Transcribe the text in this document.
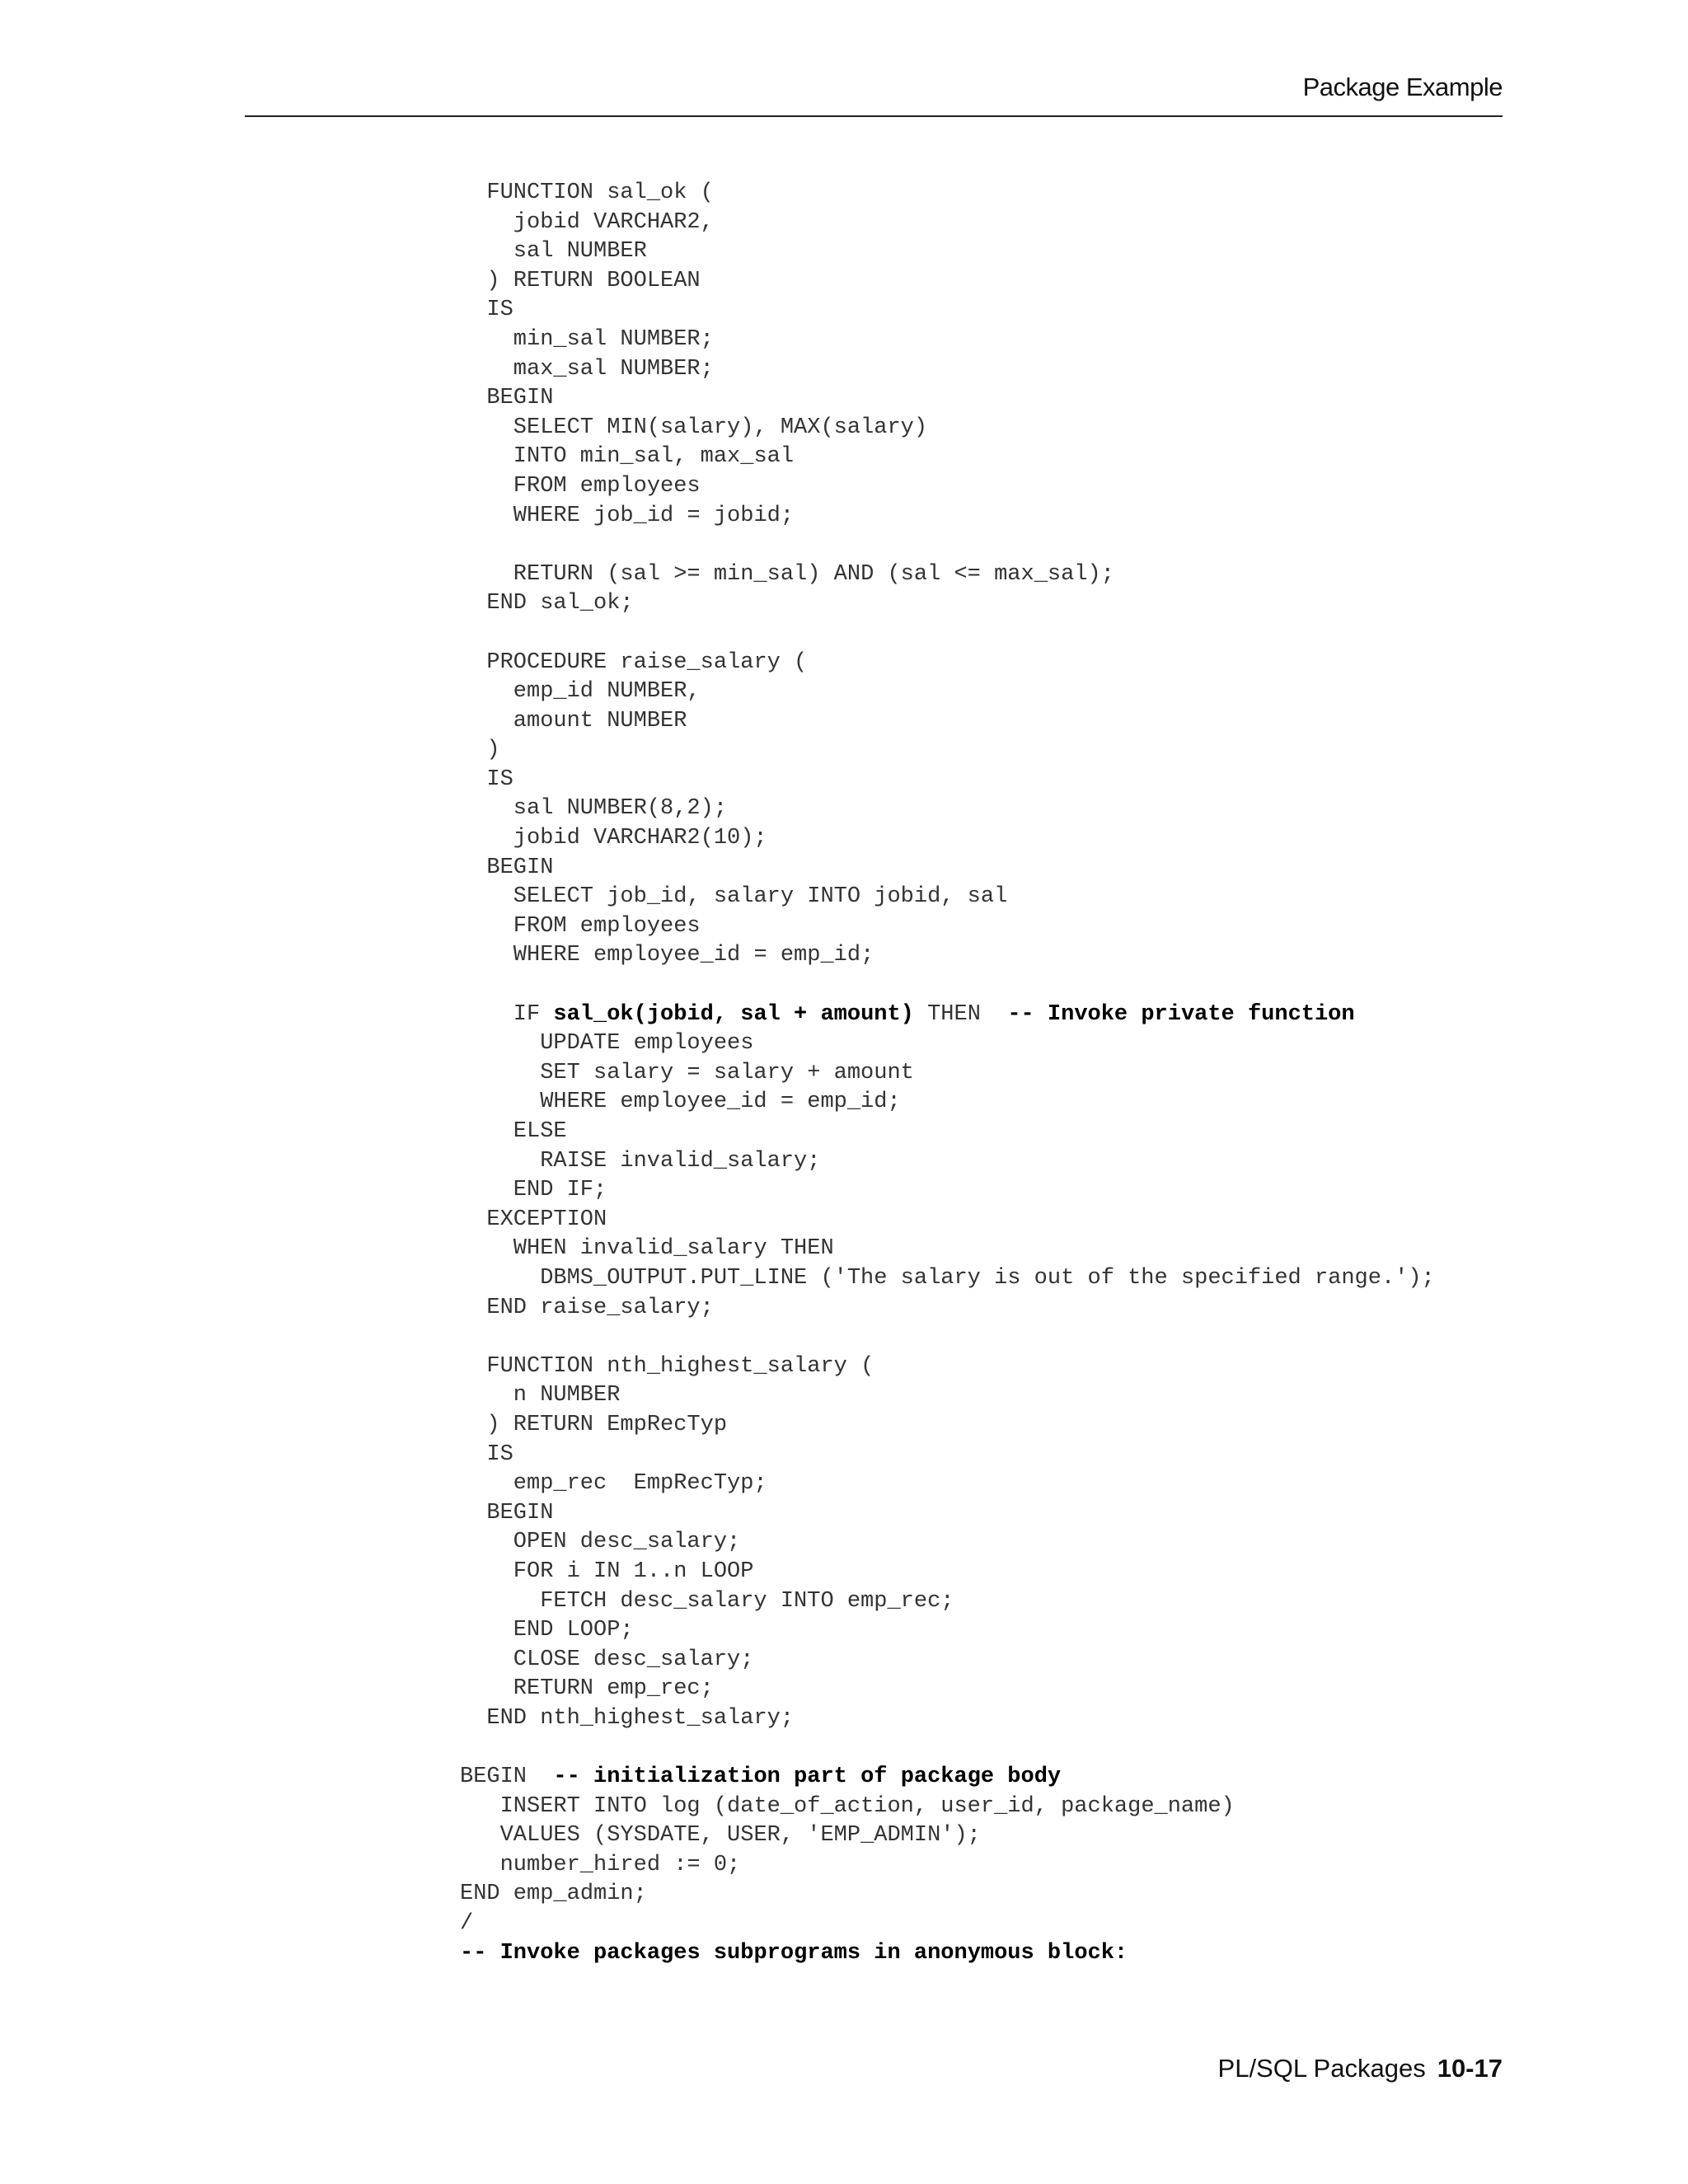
Package Example
FUNCTION sal_ok (
jobid VARCHAR2,
sal NUMBER
) RETURN BOOLEAN
IS
min_sal NUMBER;
max_sal NUMBER;
BEGIN
SELECT MIN(salary), MAX(salary)
INTO min_sal, max_sal
FROM employees
WHERE job_id = jobid;
RETURN (sal >= min_sal) AND (sal <= max_sal);
END sal_ok;
PROCEDURE raise_salary (
emp_id NUMBER,
amount NUMBER
)
IS
sal NUMBER(8,2);
jobid VARCHAR2(10);
BEGIN
SELECT job_id, salary INTO jobid, sal
FROM employees
WHERE employee_id = emp_id;
IF sal_ok(jobid, sal + amount) THEN  -- Invoke private function
UPDATE employees
SET salary = salary + amount
WHERE employee_id = emp_id;
ELSE
RAISE invalid_salary;
END IF;
EXCEPTION
WHEN invalid_salary THEN
DBMS_OUTPUT.PUT_LINE ('The salary is out of the specified range.');
END raise_salary;
FUNCTION nth_highest_salary (
n NUMBER
) RETURN EmpRecTyp
IS
emp_rec  EmpRecTyp;
BEGIN
OPEN desc_salary;
FOR i IN 1..n LOOP
FETCH desc_salary INTO emp_rec;
END LOOP;
CLOSE desc_salary;
RETURN emp_rec;
END nth_highest_salary;
BEGIN  -- initialization part of package body
INSERT INTO log (date_of_action, user_id, package_name)
VALUES (SYSDATE, USER, 'EMP_ADMIN');
number_hired := 0;
END emp_admin;
/
-- Invoke packages subprograms in anonymous block:
PL/SQL Packages 10-17
